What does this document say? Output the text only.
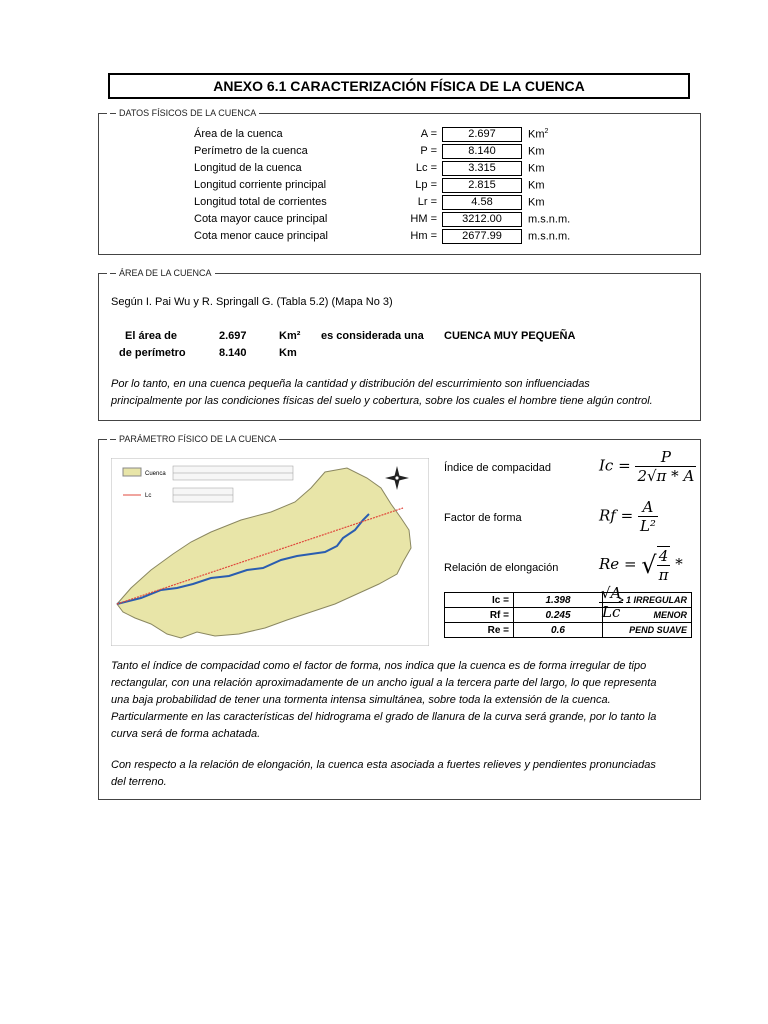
ANEXO 6.1 CARACTERIZACIÓN FÍSICA DE LA CUENCA
DATOS FÍSICOS DE LA CUENCA
Área de la cuenca	A =	2.697	Km$^2$
Perímetro de la cuenca	P =	8.140	Km
Longitud de la cuenca	Lc =	3.315	Km
Longitud corriente principal	Lp =	2.815	Km
Longitud total de corrientes	Lr =	4.58	Km
Cota mayor cauce principal	HM =	3212.00	m.s.n.m.
Cota menor cauce principal	Hm =	2677.99	m.s.n.m.
ÁREA DE LA CUENCA
Según I. Pai Wu y R. Springall G. (Tabla 5.2) (Mapa No 3)
El área de	2.697	Km² es considerada una CUENCA MUY PEQUEÑA
de perímetro	8.140	Km
Por lo tanto, en una cuenca pequeña la cantidad y distribución del escurrimiento son influenciadas
principalmente por las condiciones físicas del suelo y cobertura, sobre los cuales el hombre tiene algún control.
PARÁMETRO FÍSICO DE LA CUENCA
Cuenca
Lc
Índice de compacidad	$Ic = \frac{P}{2√\pi * A}$
Factor de forma	$Rf = \frac{A}{\text{L²}}$
Relación de elongación	Re = √ $\frac{4}{\pi}$ *
$\frac{√A}{Lc}$
Ic =	1.398	> 1 IRREGULAR
Rf =	0.245	MENOR
Re =	0.6	PEND SUAVE
Tanto el índice de compacidad como el factor de forma, nos indica que la cuenca es de forma irregular de tipo
rectangular, con una relación aproximadamente de un ancho igual a la tercera parte del largo, lo que representa
una baja probabilidad de tener una tormenta intensa simultánea, sobre toda la extensión de la cuenca.
Particularmente en las características del hidrograma el grado de llanura de la curva será grande, por lo tanto la
curva será de forma achatada.
Con respecto a la relación de elongación, la cuenca esta asociada a fuertes relieves y pendientes pronunciadas
del terreno.
